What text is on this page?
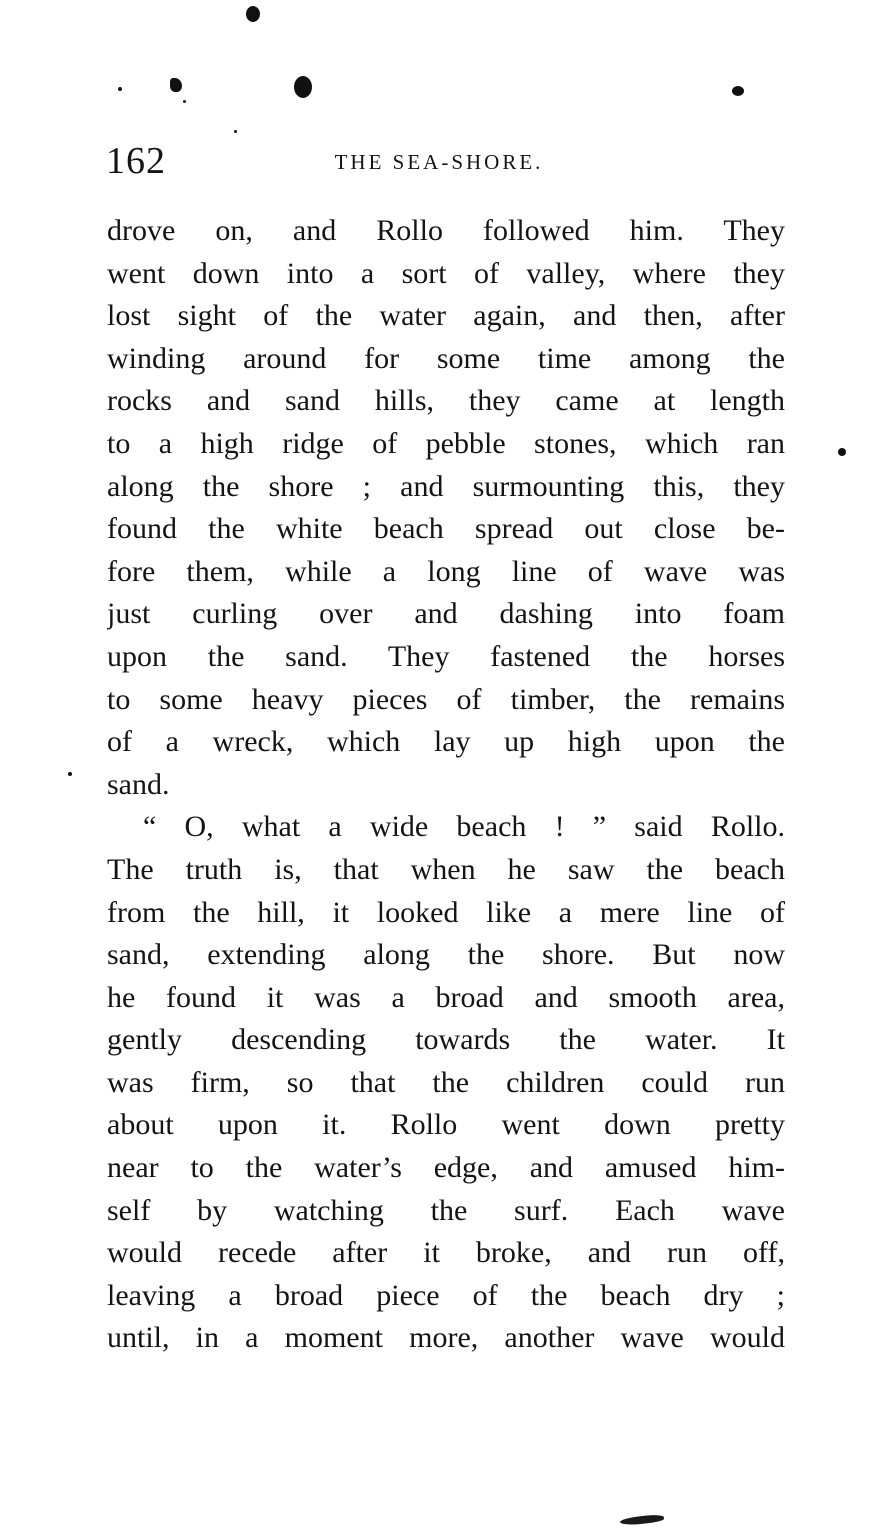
162	THE SEA-SHORE.
drove on, and Rollo followed him. They
went down into a sort of valley, where they
lost sight of the water again, and then, after
winding around for some time among the
rocks and sand hills, they came at length
to a high ridge of pebble stones, which ran
along the shore ; and surmounting this, they
found the white beach spread out close be-
fore them, while a long line of wave was
just curling over and dashing into foam
upon the sand. They fastened the horses
to some heavy pieces of timber, the remains
of a wreck, which lay up high upon the
sand.
“ O, what a wide beach ! ” said Rollo.
The truth is, that when he saw the beach
from the hill, it looked like a mere line of
sand, extending along the shore. But now
he found it was a broad and smooth area,
gently descending towards the water. It
was firm, so that the children could run
about upon it. Rollo went down pretty
near to the water’s edge, and amused him-
self by watching the surf. Each wave
would recede after it broke, and run off,
leaving a broad piece of the beach dry ;
until, in a moment more, another wave would
